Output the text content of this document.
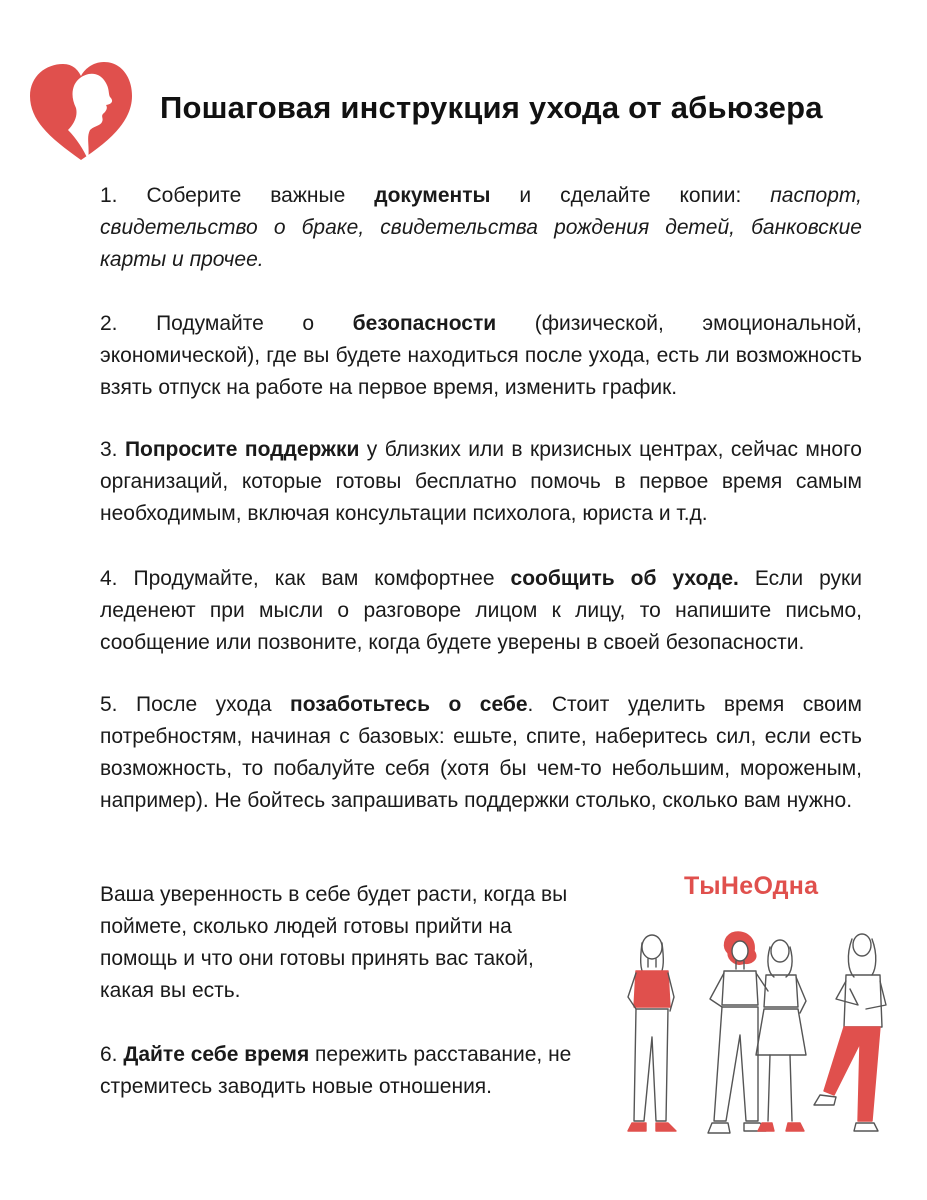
Пошаговая инструкция ухода от абьюзера

1. Соберите важные документы и сделайте копии: паспорт, свидетельство о браке, свидетельства рождения детей, банковские карты и прочее.

2. Подумайте о безопасности (физической, эмоциональной, экономической), где вы будете находиться после ухода, есть ли возможность взять отпуск на работе на первое время, изменить график.

3. Попросите поддержки у близких или в кризисных центрах, сейчас много организаций, которые готовы бесплатно помочь в первое время самым необходимым, включая консультации психолога, юриста и т.д.

4. Продумайте, как вам комфортнее сообщить об уходе. Если руки леденеют при мысли о разговоре лицом к лицу, то напишите письмо, сообщение или позвоните, когда будете уверены в своей безопасности.

5. После ухода позаботьтесь о себе. Стоит уделить время своим потребностям, начиная с базовых: ешьте, спите, наберитесь сил, если есть возможность, то побалуйте себя (хотя бы чем-то небольшим, мороженым, например). Не бойтесь запрашивать поддержки столько, сколько вам нужно.

Ваша уверенность в себе будет расти, когда вы поймете, сколько людей готовы прийти на помощь и что они готовы принять вас такой, какая вы есть.

6. Дайте себе время пережить расставание, не стремитесь заводить новые отношения.

ТыНеОдна
